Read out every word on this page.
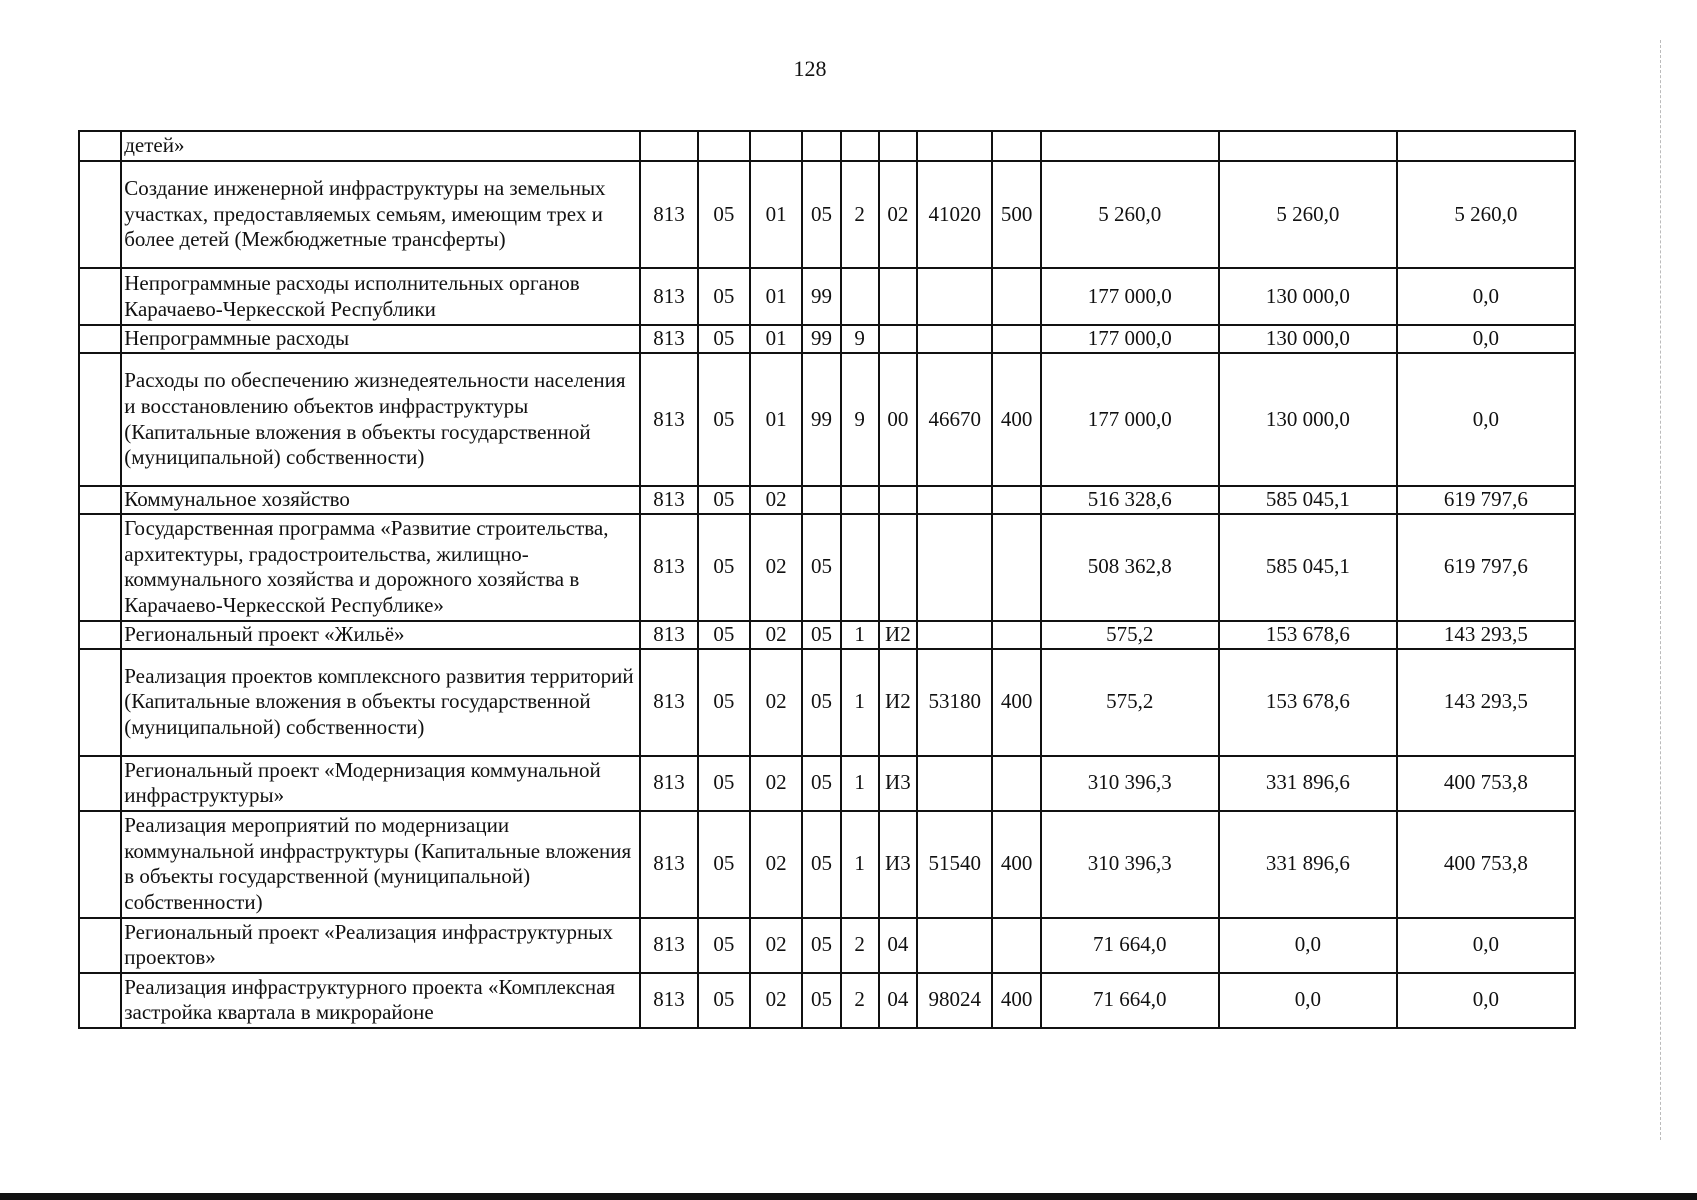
128
	детей»											
	Создание инженерной инфраструктуры на земельных участках, предоставляемых семьям, имеющим трех и более детей (Межбюджетные трансферты)	813	05	01	05	2	02	41020	500	5 260,0	5 260,0	5 260,0
	Непрограммные расходы исполнительных органов Карачаево-Черкесской Республики	813	05	01	99					177 000,0	130 000,0	0,0
	Непрограммные расходы	813	05	01	99	9				177 000,0	130 000,0	0,0
	Расходы по обеспечению жизнедеятельности населения и восстановлению объектов инфраструктуры (Капитальные вложения в объекты государственной (муниципальной) собственности)	813	05	01	99	9	00	46670	400	177 000,0	130 000,0	0,0
	Коммунальное хозяйство	813	05	02						516 328,6	585 045,1	619 797,6
	Государственная программа «Развитие строительства, архитектуры, градостроительства, жилищно-коммунального хозяйства и дорожного хозяйства в Карачаево-Черкесской Республике»	813	05	02	05					508 362,8	585 045,1	619 797,6
	Региональный проект «Жильё»	813	05	02	05	1	И2			575,2	153 678,6	143 293,5
	Реализация проектов комплексного развития территорий (Капитальные вложения в объекты государственной (муниципальной) собственности)	813	05	02	05	1	И2	53180	400	575,2	153 678,6	143 293,5
	Региональный проект «Модернизация коммунальной инфраструктуры»	813	05	02	05	1	И3			310 396,3	331 896,6	400 753,8
	Реализация мероприятий по модернизации коммунальной инфраструктуры (Капитальные вложения в объекты государственной (муниципальной) собственности)	813	05	02	05	1	И3	51540	400	310 396,3	331 896,6	400 753,8
	Региональный проект «Реализация инфраструктурных проектов»	813	05	02	05	2	04			71 664,0	0,0	0,0
	Реализация инфраструктурного проекта «Комплексная застройка квартала в микрорайоне	813	05	02	05	2	04	98024	400	71 664,0	0,0	0,0
